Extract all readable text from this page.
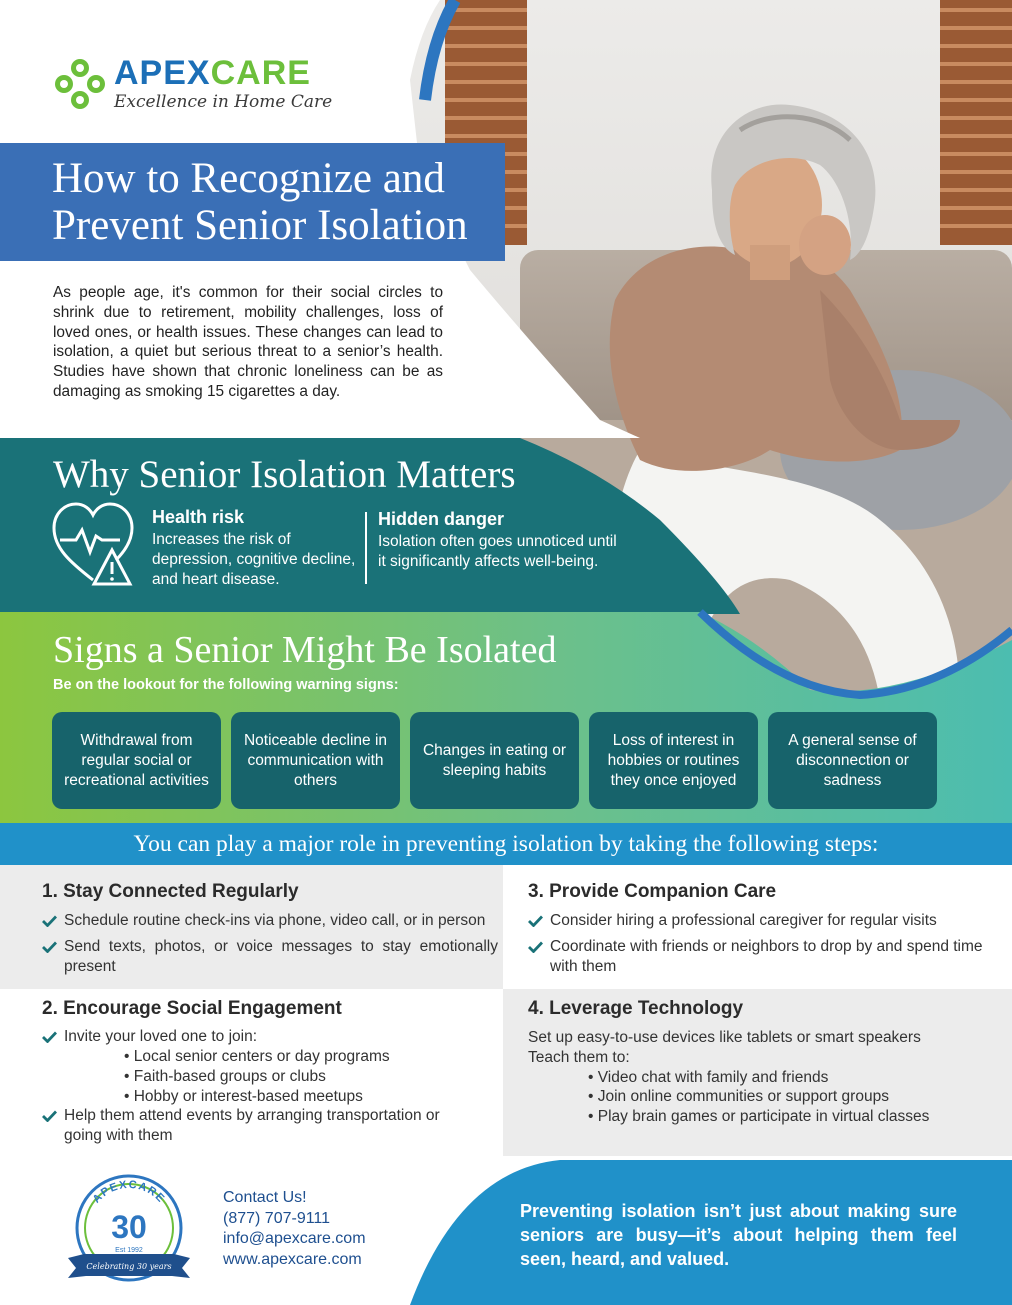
APEXCARE
Excellence in Home Care
How to Recognize and
Prevent Senior Isolation

As people age, it's common for their social circles to shrink due to retirement, mobility challenges, loss of loved ones, or health issues. These changes can lead to isolation, a quiet but serious threat to a senior’s health. Studies have shown that chronic loneliness can be as damaging as smoking 15 cigarettes a day.

Why Senior Isolation Matters
Health risk

Increases the risk of depression, cognitive decline, and heart disease.

Hidden danger

Isolation often goes unnoticed until it significantly affects well-being.

Signs a Senior Might Be Isolated
Be on the lookout for the following warning signs:
Withdrawal from regular social or recreational activities
Noticeable decline in communication with others
Changes in eating or sleeping habits
Loss of interest in hobbies or routines they once enjoyed
A general sense of disconnection or sadness
You can play a major role in preventing isolation by taking the following steps:
1. Stay Connected Regularly
Schedule routine check-ins via phone, video call, or in person
Send texts, photos, or voice messages to stay emotionally present
3. Provide Companion Care
Consider hiring a professional caregiver for regular visits
Coordinate with friends or neighbors to drop by and spend time with them
2. Encourage Social Engagement
Invite your loved one to join:
• Local senior centers or day programs
• Faith-based groups or clubs
• Hobby or interest-based meetups
Help them attend events by arranging transportation or going with them
4. Leverage Technology
Set up easy-to-use devices like tablets or smart speakers
Teach them to:
• Video chat with family and friends
• Join online communities or support groups
• Play brain games or participate in virtual classes
APEXCARE
30
Est 1992
Celebrating 30 years
Contact Us!
(877) 707-9111
info@apexcare.com
www.apexcare.com
Preventing isolation isn’t just about making sure seniors are busy—it’s about helping them feel seen, heard, and valued.
